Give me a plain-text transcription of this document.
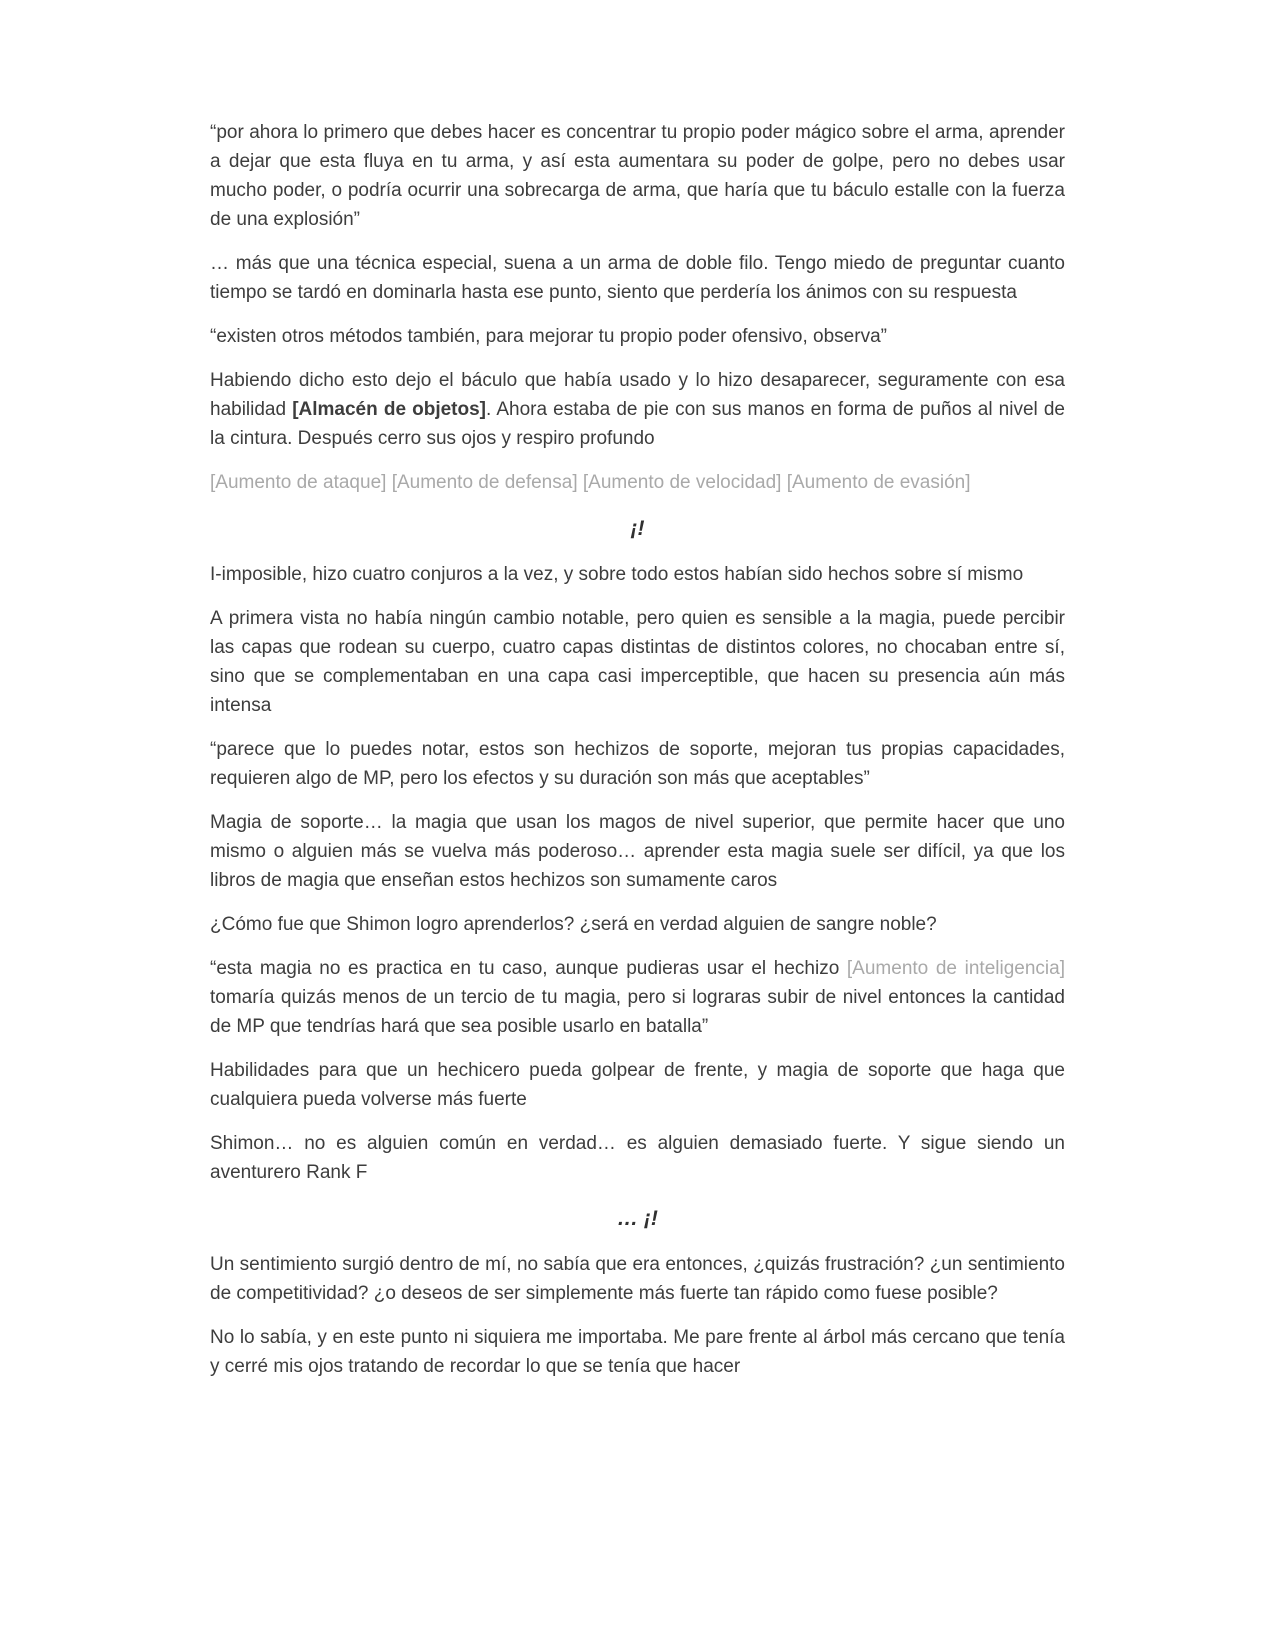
“por ahora lo primero que debes hacer es concentrar tu propio poder mágico sobre el arma, aprender a dejar que esta fluya en tu arma, y así esta aumentara su poder de golpe, pero no debes usar mucho poder, o podría ocurrir una sobrecarga de arma, que haría que tu báculo estalle con la fuerza de una explosión”

… más que una técnica especial, suena a un arma de doble filo. Tengo miedo de preguntar cuanto tiempo se tardó en dominarla hasta ese punto, siento que perdería los ánimos con su respuesta

“existen otros métodos también, para mejorar tu propio poder ofensivo, observa”

Habiendo dicho esto dejo el báculo que había usado y lo hizo desaparecer, seguramente con esa habilidad [Almacén de objetos]. Ahora estaba de pie con sus manos en forma de puños al nivel de la cintura. Después cerro sus ojos y respiro profundo

[Aumento de ataque] [Aumento de defensa] [Aumento de velocidad] [Aumento de evasión]

¡!

I-imposible, hizo cuatro conjuros a la vez, y sobre todo estos habían sido hechos sobre sí mismo

A primera vista no había ningún cambio notable, pero quien es sensible a la magia, puede percibir las capas que rodean su cuerpo, cuatro capas distintas de distintos colores, no chocaban entre sí, sino que se complementaban en una capa casi imperceptible, que hacen su presencia aún más intensa

“parece que lo puedes notar, estos son hechizos de soporte, mejoran tus propias capacidades, requieren algo de MP, pero los efectos y su duración son más que aceptables”

Magia de soporte… la magia que usan los magos de nivel superior, que permite hacer que uno mismo o alguien más se vuelva más poderoso… aprender esta magia suele ser difícil, ya que los libros de magia que enseñan estos hechizos son sumamente caros

¿Cómo fue que Shimon logro aprenderlos? ¿será en verdad alguien de sangre noble?

“esta magia no es practica en tu caso, aunque pudieras usar el hechizo [Aumento de inteligencia] tomaría quizás menos de un tercio de tu magia, pero si lograras subir de nivel entonces la cantidad de MP que tendrías hará que sea posible usarlo en batalla”

Habilidades para que un hechicero pueda golpear de frente, y magia de soporte que haga que cualquiera pueda volverse más fuerte

Shimon… no es alguien común en verdad… es alguien demasiado fuerte. Y sigue siendo un aventurero Rank F

… ¡!

Un sentimiento surgió dentro de mí, no sabía que era entonces, ¿quizás frustración? ¿un sentimiento de competitividad? ¿o deseos de ser simplemente más fuerte tan rápido como fuese posible?

No lo sabía, y en este punto ni siquiera me importaba. Me pare frente al árbol más cercano que tenía y cerré mis ojos tratando de recordar lo que se tenía que hacer
